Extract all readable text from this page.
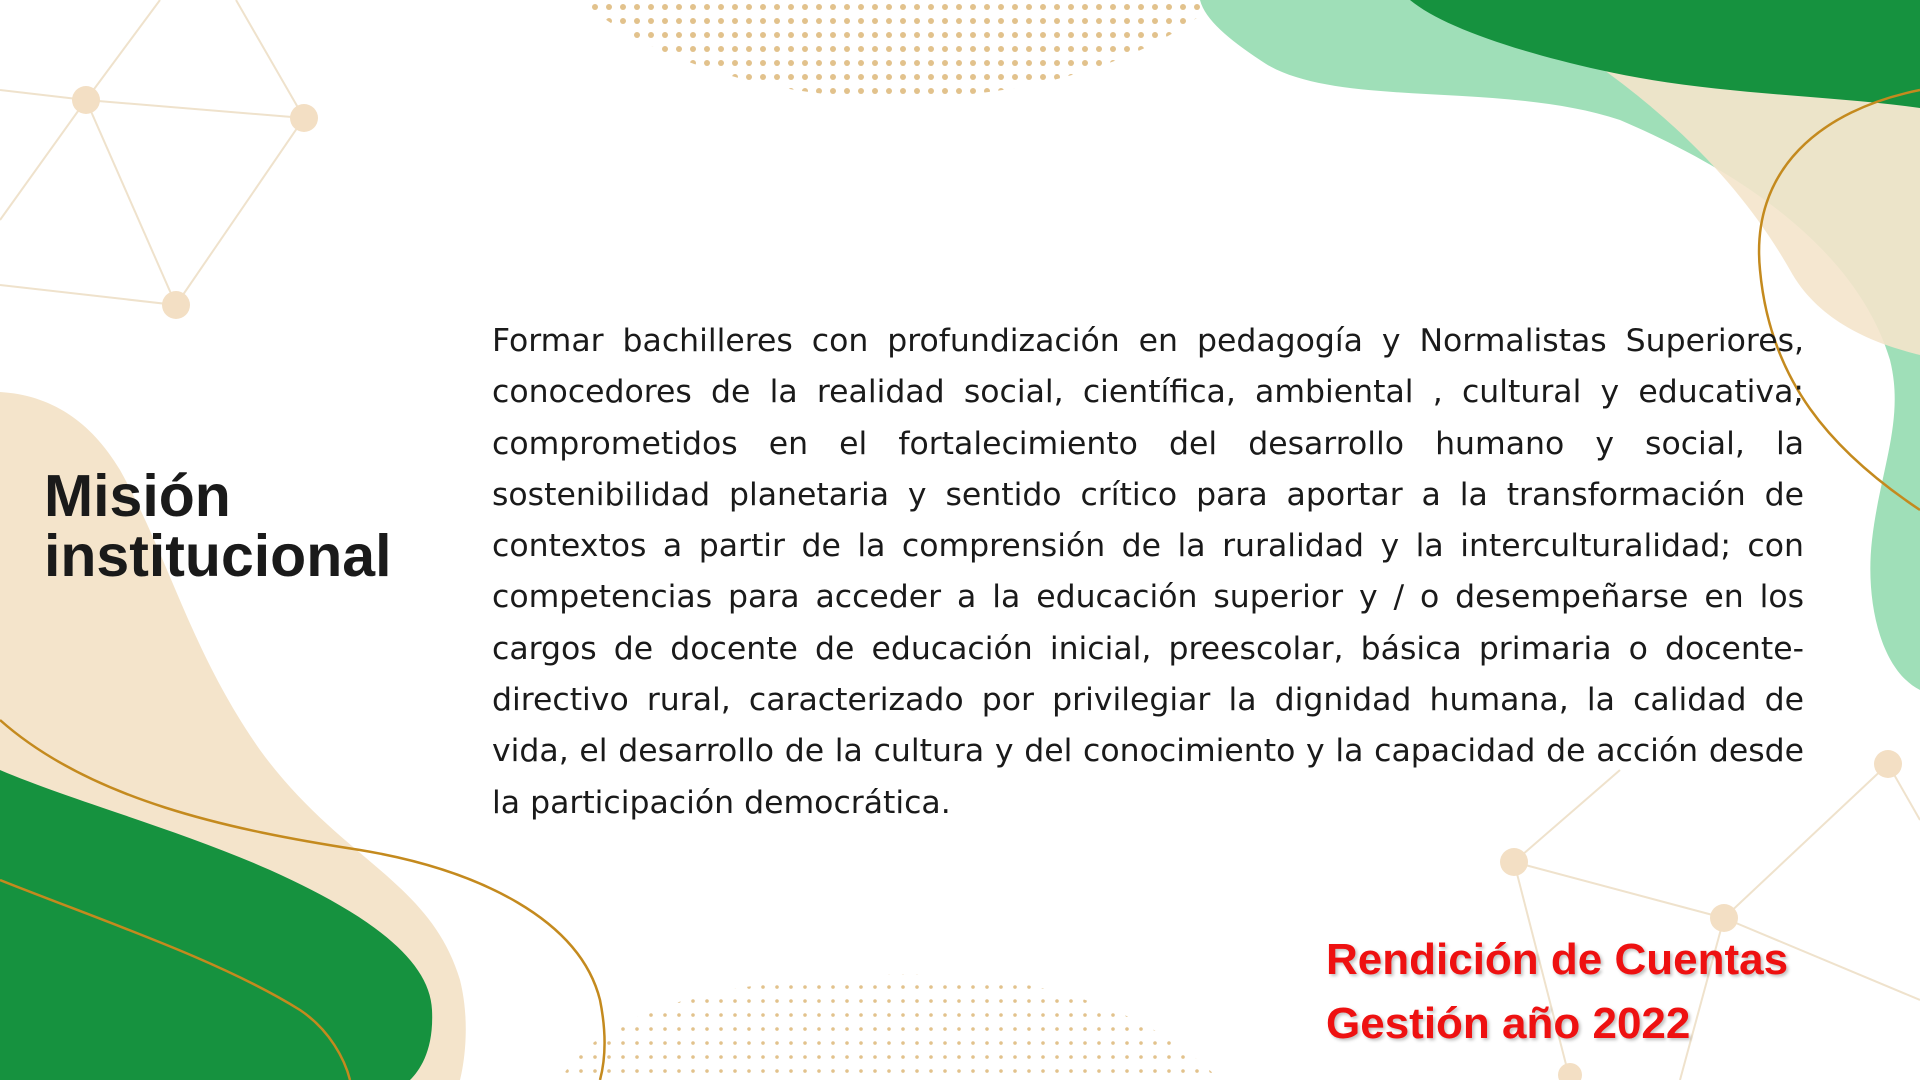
Misión
institucional

Formar bachilleres con profundización en pedagogía y Normalistas Superiores, conocedores de la realidad social, científica, ambiental , cultural y educativa; comprometidos en el fortalecimiento del desarrollo humano y social, la sostenibilidad planetaria y sentido crítico para aportar a la transformación de contextos a partir de la comprensión de la ruralidad y la interculturalidad; con competencias para acceder a la educación superior y / o desempeñarse en los cargos de docente de educación inicial, preescolar, básica primaria o docente-directivo rural, caracterizado por privilegiar la dignidad humana, la calidad de vida, el desarrollo de la cultura y del conocimiento y la capacidad de acción desde la participación democrática.

Rendición de Cuentas
Gestión año 2022
